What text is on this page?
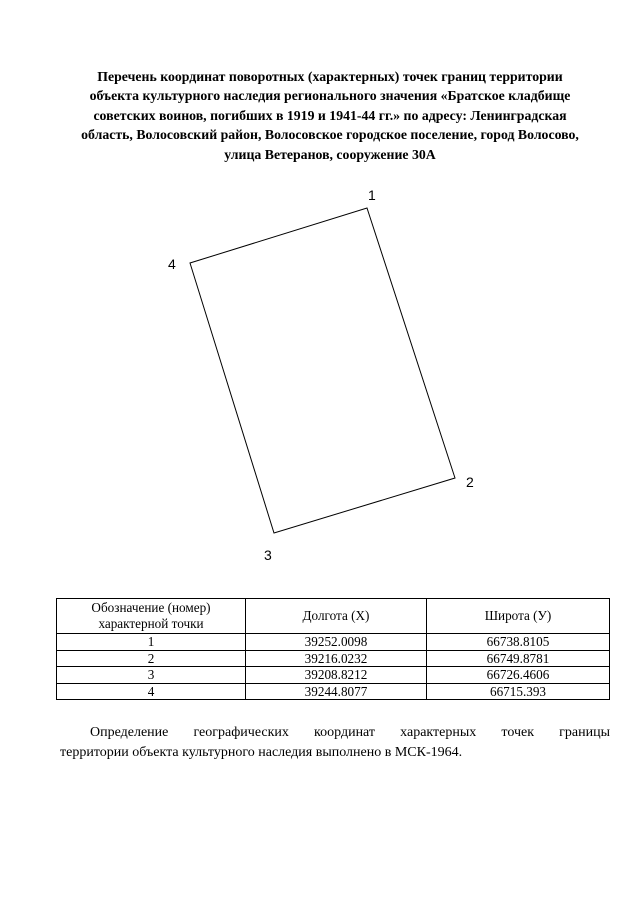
Перечень координат поворотных (характерных) точек границ территории
объекта культурного наследия регионального значения «Братское кладбище
советских воинов, погибших в 1919 и 1941-44 гг.» по адресу: Ленинградская
область, Волосовский район, Волосовское городское поселение, город Волосово,
улица Ветеранов, сооружение 30А
1
2
3
4
Обозначение (номер)
характерной точки	Долгота (X)	Широта (У)
1	39252.0098	66738.8105
2	39216.0232	66749.8781
3	39208.8212	66726.4606
4	39244.8077	66715.393
Определение географических координат характерных точек границы
территории объекта культурного наследия выполнено в МСК-1964.
